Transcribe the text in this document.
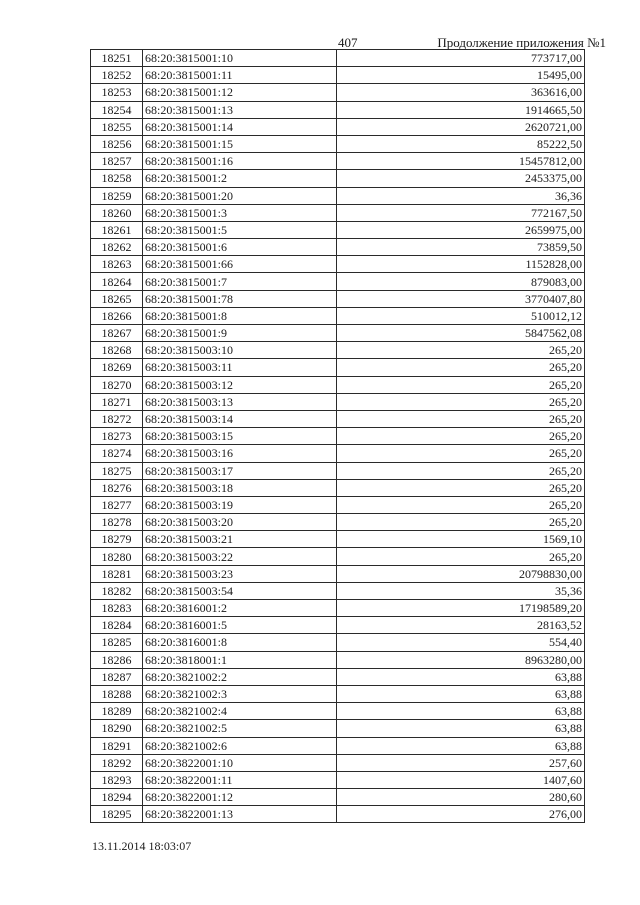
407	Продолжение приложения №1
18251	68:20:3815001:10	773717,00
18252	68:20:3815001:11	15495,00
18253	68:20:3815001:12	363616,00
18254	68:20:3815001:13	1914665,50
18255	68:20:3815001:14	2620721,00
18256	68:20:3815001:15	85222,50
18257	68:20:3815001:16	15457812,00
18258	68:20:3815001:2	2453375,00
18259	68:20:3815001:20	36,36
18260	68:20:3815001:3	772167,50
18261	68:20:3815001:5	2659975,00
18262	68:20:3815001:6	73859,50
18263	68:20:3815001:66	1152828,00
18264	68:20:3815001:7	879083,00
18265	68:20:3815001:78	3770407,80
18266	68:20:3815001:8	510012,12
18267	68:20:3815001:9	5847562,08
18268	68:20:3815003:10	265,20
18269	68:20:3815003:11	265,20
18270	68:20:3815003:12	265,20
18271	68:20:3815003:13	265,20
18272	68:20:3815003:14	265,20
18273	68:20:3815003:15	265,20
18274	68:20:3815003:16	265,20
18275	68:20:3815003:17	265,20
18276	68:20:3815003:18	265,20
18277	68:20:3815003:19	265,20
18278	68:20:3815003:20	265,20
18279	68:20:3815003:21	1569,10
18280	68:20:3815003:22	265,20
18281	68:20:3815003:23	20798830,00
18282	68:20:3815003:54	35,36
18283	68:20:3816001:2	17198589,20
18284	68:20:3816001:5	28163,52
18285	68:20:3816001:8	554,40
18286	68:20:3818001:1	8963280,00
18287	68:20:3821002:2	63,88
18288	68:20:3821002:3	63,88
18289	68:20:3821002:4	63,88
18290	68:20:3821002:5	63,88
18291	68:20:3821002:6	63,88
18292	68:20:3822001:10	257,60
18293	68:20:3822001:11	1407,60
18294	68:20:3822001:12	280,60
18295	68:20:3822001:13	276,00
13.11.2014 18:03:07
